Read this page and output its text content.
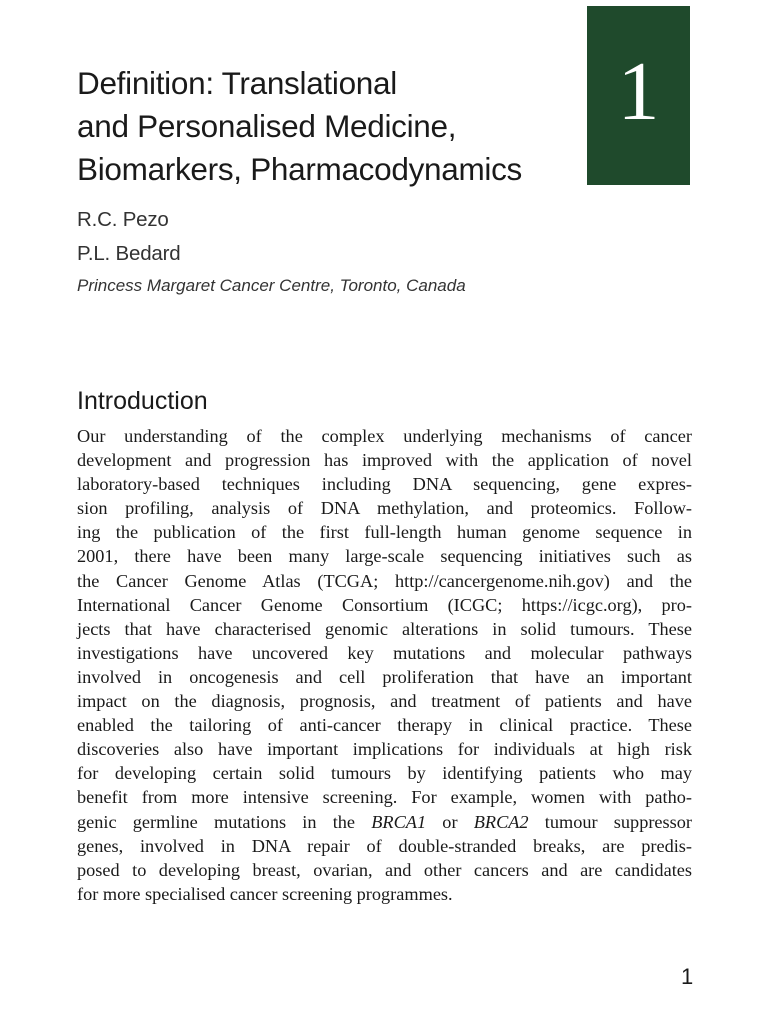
1
Definition: Translational
and Personalised Medicine,
Biomarkers, Pharmacodynamics

R.C. Pezo

P.L. Bedard

Princess Margaret Cancer Centre, Toronto, Canada

Introduction
Our understanding of the complex underlying mechanisms of cancer
development and progression has improved with the application of novel
laboratory-based techniques including DNA sequencing, gene expres-
sion profiling, analysis of DNA methylation, and proteomics. Follow-
ing the publication of the first full-length human genome sequence in
2001, there have been many large-scale sequencing initiatives such as
the Cancer Genome Atlas (TCGA; http://cancergenome.nih.gov) and the
International Cancer Genome Consortium (ICGC; https://icgc.org), pro-
jects that have characterised genomic alterations in solid tumours. These
investigations have uncovered key mutations and molecular pathways
involved in oncogenesis and cell proliferation that have an important
impact on the diagnosis, prognosis, and treatment of patients and have
enabled the tailoring of anti-cancer therapy in clinical practice. These
discoveries also have important implications for individuals at high risk
for developing certain solid tumours by identifying patients who may
benefit from more intensive screening. For example, women with patho-
genic germline mutations in the BRCA1 or BRCA2 tumour suppressor
genes, involved in DNA repair of double-stranded breaks, are predis-
posed to developing breast, ovarian, and other cancers and are candidates
for more specialised cancer screening programmes.
1
